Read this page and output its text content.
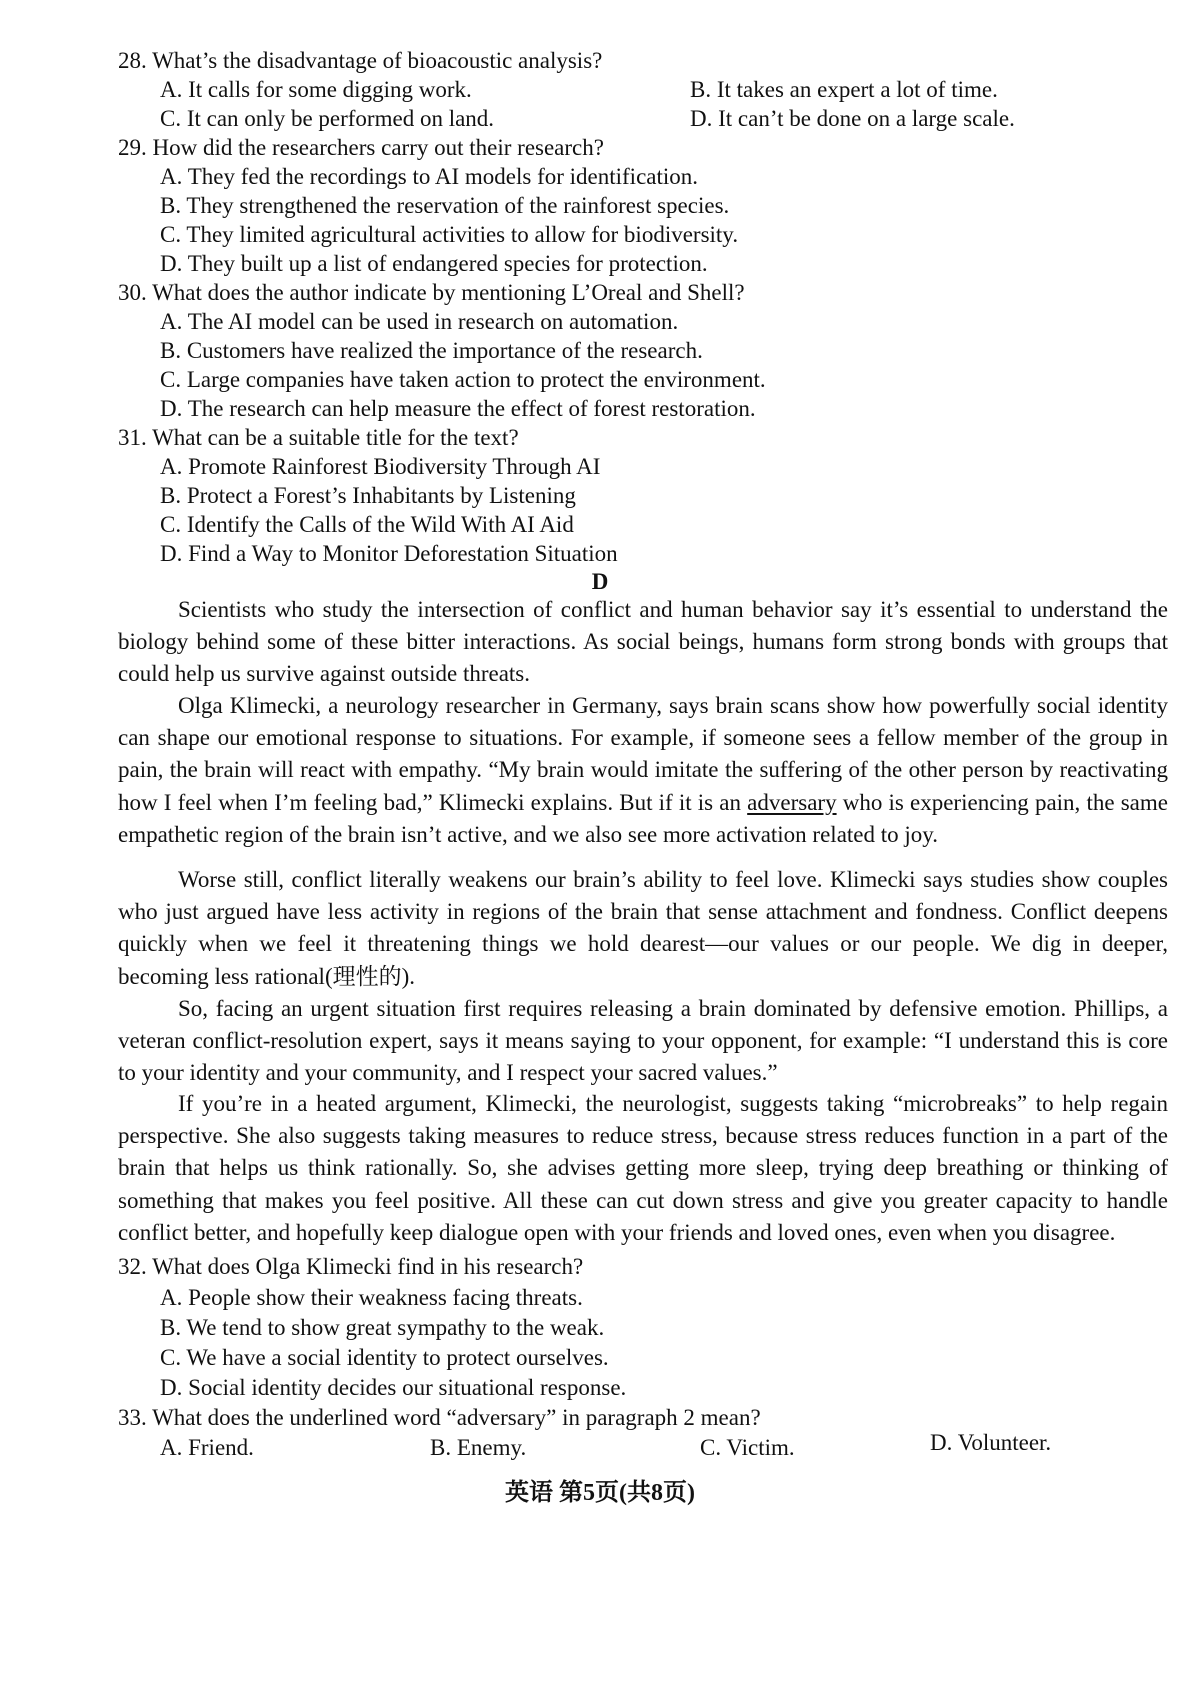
28. What’s the disadvantage of bioacoustic analysis?
A. It calls for some digging work.	B. It takes an expert a lot of time.
C. It can only be performed on land.	D. It can’t be done on a large scale.
29. How did the researchers carry out their research?
A. They fed the recordings to AI models for identification.
B. They strengthened the reservation of the rainforest species.
C. They limited agricultural activities to allow for biodiversity.
D. They built up a list of endangered species for protection.
30. What does the author indicate by mentioning L’Oreal and Shell?
A. The AI model can be used in research on automation.
B. Customers have realized the importance of the research.
C. Large companies have taken action to protect the environment.
D. The research can help measure the effect of forest restoration.
31. What can be a suitable title for the text?
A. Promote Rainforest Biodiversity Through AI
B. Protect a Forest’s Inhabitants by Listening
C. Identify the Calls of the Wild With AI Aid
D. Find a Way to Monitor Deforestation Situation
D
Scientists who study the intersection of conflict and human behavior say it’s essential to understand the biology behind some of these bitter interactions. As social beings, humans form strong bonds with groups that could help us survive against outside threats.
Olga Klimecki, a neurology researcher in Germany, says brain scans show how powerfully social identity can shape our emotional response to situations. For example, if someone sees a fellow member of the group in pain, the brain will react with empathy. “My brain would imitate the suffering of the other person by reactivating how I feel when I’m feeling bad,” Klimecki explains. But if it is an adversary who is experiencing pain, the same empathetic region of the brain isn’t active, and we also see more activation related to joy.
Worse still, conflict literally weakens our brain’s ability to feel love. Klimecki says studies show couples who just argued have less activity in regions of the brain that sense attachment and fondness. Conflict deepens quickly when we feel it threatening things we hold dearest—our values or our people. We dig in deeper, becoming less rational(理性的).
So, facing an urgent situation first requires releasing a brain dominated by defensive emotion. Phillips, a veteran conflict-resolution expert, says it means saying to your opponent, for example: “I understand this is core to your identity and your community, and I respect your sacred values.”
If you’re in a heated argument, Klimecki, the neurologist, suggests taking “microbreaks” to help regain perspective. She also suggests taking measures to reduce stress, because stress reduces function in a part of the brain that helps us think rationally. So, she advises getting more sleep, trying deep breathing or thinking of something that makes you feel positive. All these can cut down stress and give you greater capacity to handle conflict better, and hopefully keep dialogue open with your friends and loved ones, even when you disagree.
32. What does Olga Klimecki find in his research?
A. People show their weakness facing threats.
B. We tend to show great sympathy to the weak.
C. We have a social identity to protect ourselves.
D. Social identity decides our situational response.
33. What does the underlined word “adversary” in paragraph 2 mean?
A. Friend.	B. Enemy.	C. Victim.	D. Volunteer.
英语 第5页(共8页)
